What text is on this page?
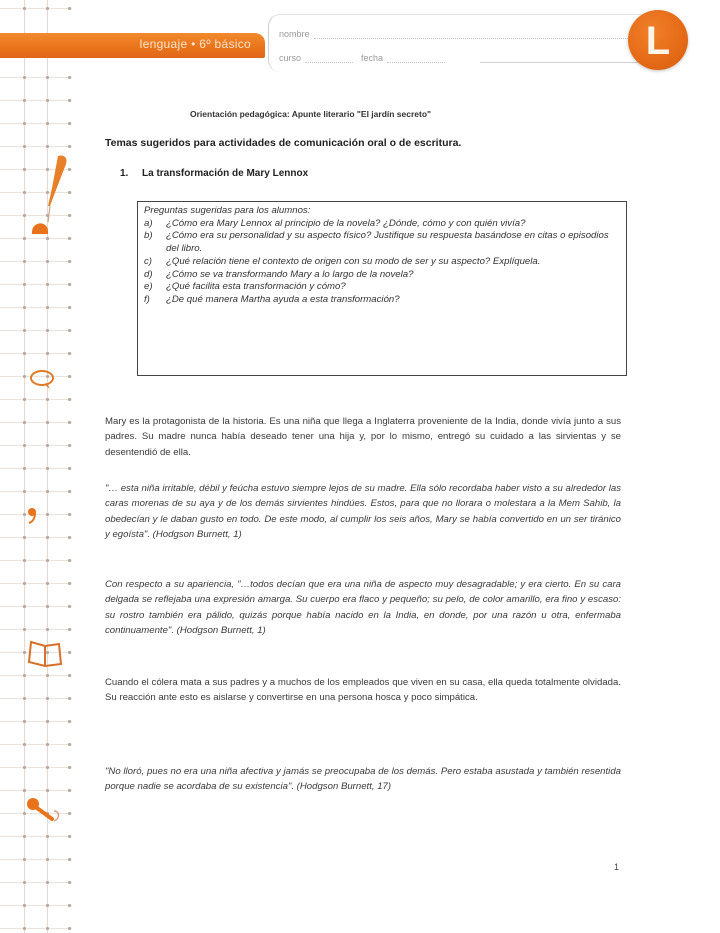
lenguaje • 6º básico
nombre
curso	fecha	L
Orientación pedagógica: Apunte literario "El jardín secreto"
Temas sugeridos para actividades de comunicación oral o de escritura.
1. La transformación de Mary Lennox
Preguntas sugeridas para los alumnos:
a)	¿Cómo era Mary Lennox al principio de la novela? ¿Dónde, cómo y con quién vivía?
b)	¿Cómo era su personalidad y su aspecto físico? Justifique su respuesta basándose en citas o episodios del libro.
c)	¿Qué relación tiene el contexto de origen con su modo de ser y su aspecto? Explíquela.
d)	¿Cómo se va transformando Mary a lo largo de la novela?
e)	¿Qué facilita esta transformación y cómo?
f)	¿De qué manera Martha ayuda a esta transformación?

Mary es la protagonista de la historia. Es una niña que llega a Inglaterra proveniente de la India, donde vivía junto a sus padres. Su madre nunca había deseado tener una hija y, por lo mismo, entregó su cuidado a las sirvientas y se desentendió de ella.

"… esta niña irritable, débil y feúcha estuvo siempre lejos de su madre. Ella sólo recordaba haber visto a su alrededor las caras morenas de su aya y de los demás sirvientes hindúes. Estos, para que no llorara o molestara a la Mem Sahib, la obedecían y le daban gusto en todo. De este modo, al cumplir los seis años, Mary se había convertido en un ser tiránico y egoísta". (Hodgson Burnett, 1)

Con respecto a su apariencia, "…todos decían que era una niña de aspecto muy desagradable; y era cierto. En su cara delgada se reflejaba una expresión amarga. Su cuerpo era flaco y pequeño; su pelo, de color amarillo, era fino y escaso: su rostro también era pálido, quizás porque había nacido en la India, en donde, por una razón u otra, enfermaba continuamente". (Hodgson Burnett, 1)

Cuando el cólera mata a sus padres y a muchos de los empleados que viven en su casa, ella queda totalmente olvidada. Su reacción ante esto es aislarse y convertirse en una persona hosca y poco simpática.

"No lloró, pues no era una niña afectiva y jamás se preocupaba de los demás. Pero estaba asustada y también resentida porque nadie se acordaba de su existencia". (Hodgson Burnett, 17)

1
